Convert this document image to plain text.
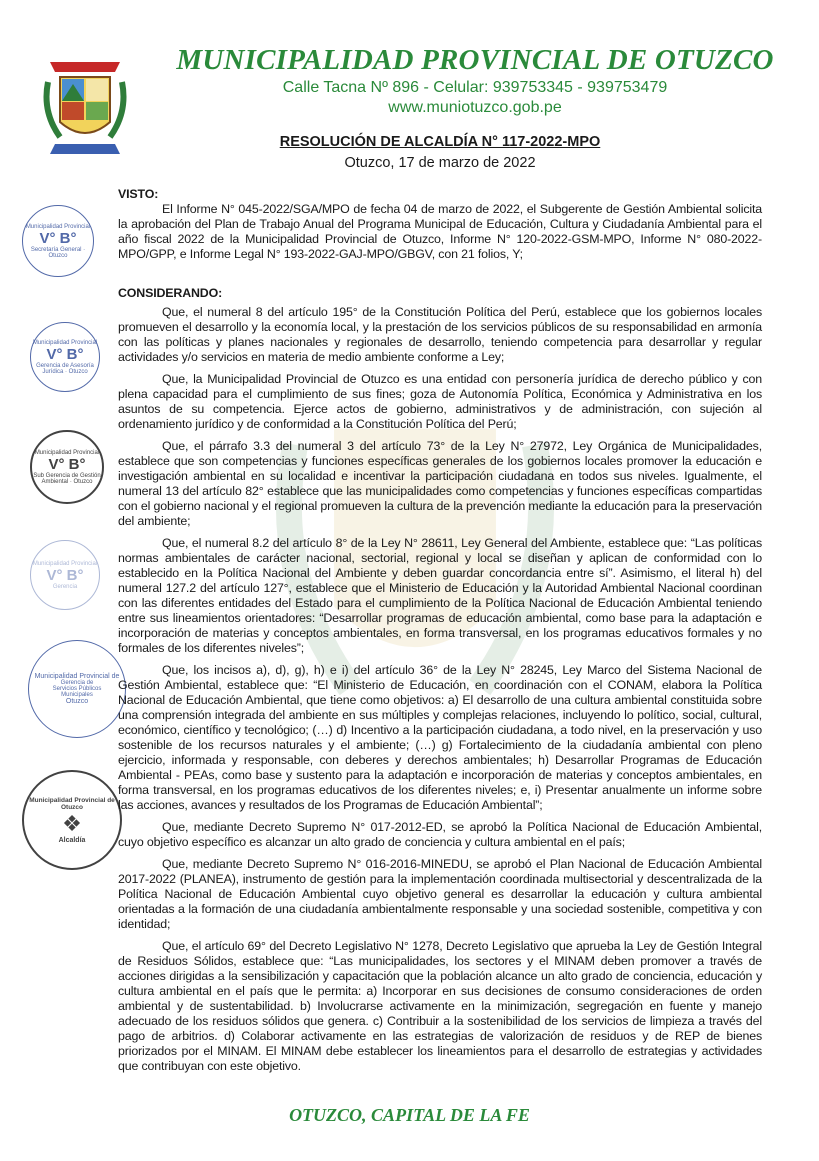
MUNICIPALIDAD PROVINCIAL DE OTUZCO
Calle Tacna Nº 896 - Celular: 939753345 - 939753479
www.muniotuzco.gob.pe
RESOLUCIÓN DE ALCALDÍA N° 117-2022-MPO
Otuzco, 17 de marzo de 2022
Municipalidad Provincial
V° B°
Secretaría General · Otuzco
Municipalidad Provincial
V° B°
Gerencia de Asesoría Jurídica · Otuzco
Municipalidad Provincial
V° B°
Sub Gerencia de Gestión Ambiental · Otuzco
Municipalidad Provincial
V° B°
Gerencia
Municipalidad Provincial de
Gerencia de Servicios Públicos Municipales
Otuzco
Municipalidad Provincial de Otuzco
❖
Alcaldía

VISTO:

El Informe N° 045-2022/SGA/MPO de fecha 04 de marzo de 2022, el Subgerente de Gestión Ambiental solicita la aprobación del Plan de Trabajo Anual del Programa Municipal de Educación, Cultura y Ciudadanía Ambiental para el año fiscal 2022 de la Municipalidad Provincial de Otuzco, Informe N° 120-2022-GSM-MPO, Informe N° 080-2022-MPO/GPP, e Informe Legal N° 193-2022-GAJ-MPO/GBGV, con 21 folios, Y;

CONSIDERANDO:

Que, el numeral 8 del artículo 195° de la Constitución Política del Perú, establece que los gobiernos locales promueven el desarrollo y la economía local, y la prestación de los servicios públicos de su responsabilidad en armonía con las políticas y planes nacionales y regionales de desarrollo, teniendo competencia para desarrollar y regular actividades y/o servicios en materia de medio ambiente conforme a Ley;

Que, la Municipalidad Provincial de Otuzco es una entidad con personería jurídica de derecho público y con plena capacidad para el cumplimiento de sus fines; goza de Autonomía Política, Económica y Administrativa en los asuntos de su competencia. Ejerce actos de gobierno, administrativos y de administración, con sujeción al ordenamiento jurídico y de conformidad a la Constitución Política del Perú;

Que, el párrafo 3.3 del numeral 3 del artículo 73° de la Ley N° 27972, Ley Orgánica de Municipalidades, establece que son competencias y funciones específicas generales de los gobiernos locales promover la educación e investigación ambiental en su localidad e incentivar la participación ciudadana en todos sus niveles. Igualmente, el numeral 13 del artículo 82° establece que las municipalidades como competencias y funciones específicas compartidas con el gobierno nacional y el regional promueven la cultura de la prevención mediante la educación para la preservación del ambiente;

Que, el numeral 8.2 del artículo 8° de la Ley N° 28611, Ley General del Ambiente, establece que: “Las políticas normas ambientales de carácter nacional, sectorial, regional y local se diseñan y aplican de conformidad con lo establecido en la Política Nacional del Ambiente y deben guardar concordancia entre sí”. Asimismo, el literal h) del numeral 127.2 del artículo 127°, establece que el Ministerio de Educación y la Autoridad Ambiental Nacional coordinan con las diferentes entidades del Estado para el cumplimiento de la Política Nacional de Educación Ambiental teniendo entre sus lineamientos orientadores: “Desarrollar programas de educación ambiental, como base para la adaptación e incorporación de materias y conceptos ambientales, en forma transversal, en los programas educativos formales y no formales de los diferentes niveles”;

Que, los incisos a), d), g), h) e i) del artículo 36° de la Ley N° 28245, Ley Marco del Sistema Nacional de Gestión Ambiental, establece que: “El Ministerio de Educación, en coordinación con el CONAM, elabora la Política Nacional de Educación Ambiental, que tiene como objetivos: a) El desarrollo de una cultura ambiental constituida sobre una comprensión integrada del ambiente en sus múltiples y complejas relaciones, incluyendo lo político, social, cultural, económico, científico y tecnológico; (…) d) Incentivo a la participación ciudadana, a todo nivel, en la preservación y uso sostenible de los recursos naturales y el ambiente; (…) g) Fortalecimiento de la ciudadanía ambiental con pleno ejercicio, informada y responsable, con deberes y derechos ambientales; h) Desarrollar Programas de Educación Ambiental - PEAs, como base y sustento para la adaptación e incorporación de materias y conceptos ambientales, en forma transversal, en los programas educativos de los diferentes niveles; e, i) Presentar anualmente un informe sobre las acciones, avances y resultados de los Programas de Educación Ambiental”;

Que, mediante Decreto Supremo N° 017-2012-ED, se aprobó la Política Nacional de Educación Ambiental, cuyo objetivo específico es alcanzar un alto grado de conciencia y cultura ambiental en el país;

Que, mediante Decreto Supremo N° 016-2016-MINEDU, se aprobó el Plan Nacional de Educación Ambiental 2017-2022 (PLANEA), instrumento de gestión para la implementación coordinada multisectorial y descentralizada de la Política Nacional de Educación Ambiental cuyo objetivo general es desarrollar la educación y cultura ambiental orientadas a la formación de una ciudadanía ambientalmente responsable y una sociedad sostenible, competitiva y con identidad;

Que, el artículo 69° del Decreto Legislativo N° 1278, Decreto Legislativo que aprueba la Ley de Gestión Integral de Residuos Sólidos, establece que: “Las municipalidades, los sectores y el MINAM deben promover a través de acciones dirigidas a la sensibilización y capacitación que la población alcance un alto grado de conciencia, educación y cultura ambiental en el país que le permita: a) Incorporar en sus decisiones de consumo consideraciones de orden ambiental y de sustentabilidad. b) Involucrarse activamente en la minimización, segregación en fuente y manejo adecuado de los residuos sólidos que genera. c) Contribuir a la sostenibilidad de los servicios de limpieza a través del pago de arbitrios. d) Colaborar activamente en las estrategias de valorización de residuos y de REP de bienes priorizados por el MINAM. El MINAM debe establecer los lineamientos para el desarrollo de estrategias y actividades que contribuyan con este objetivo.

OTUZCO, CAPITAL DE LA FE
